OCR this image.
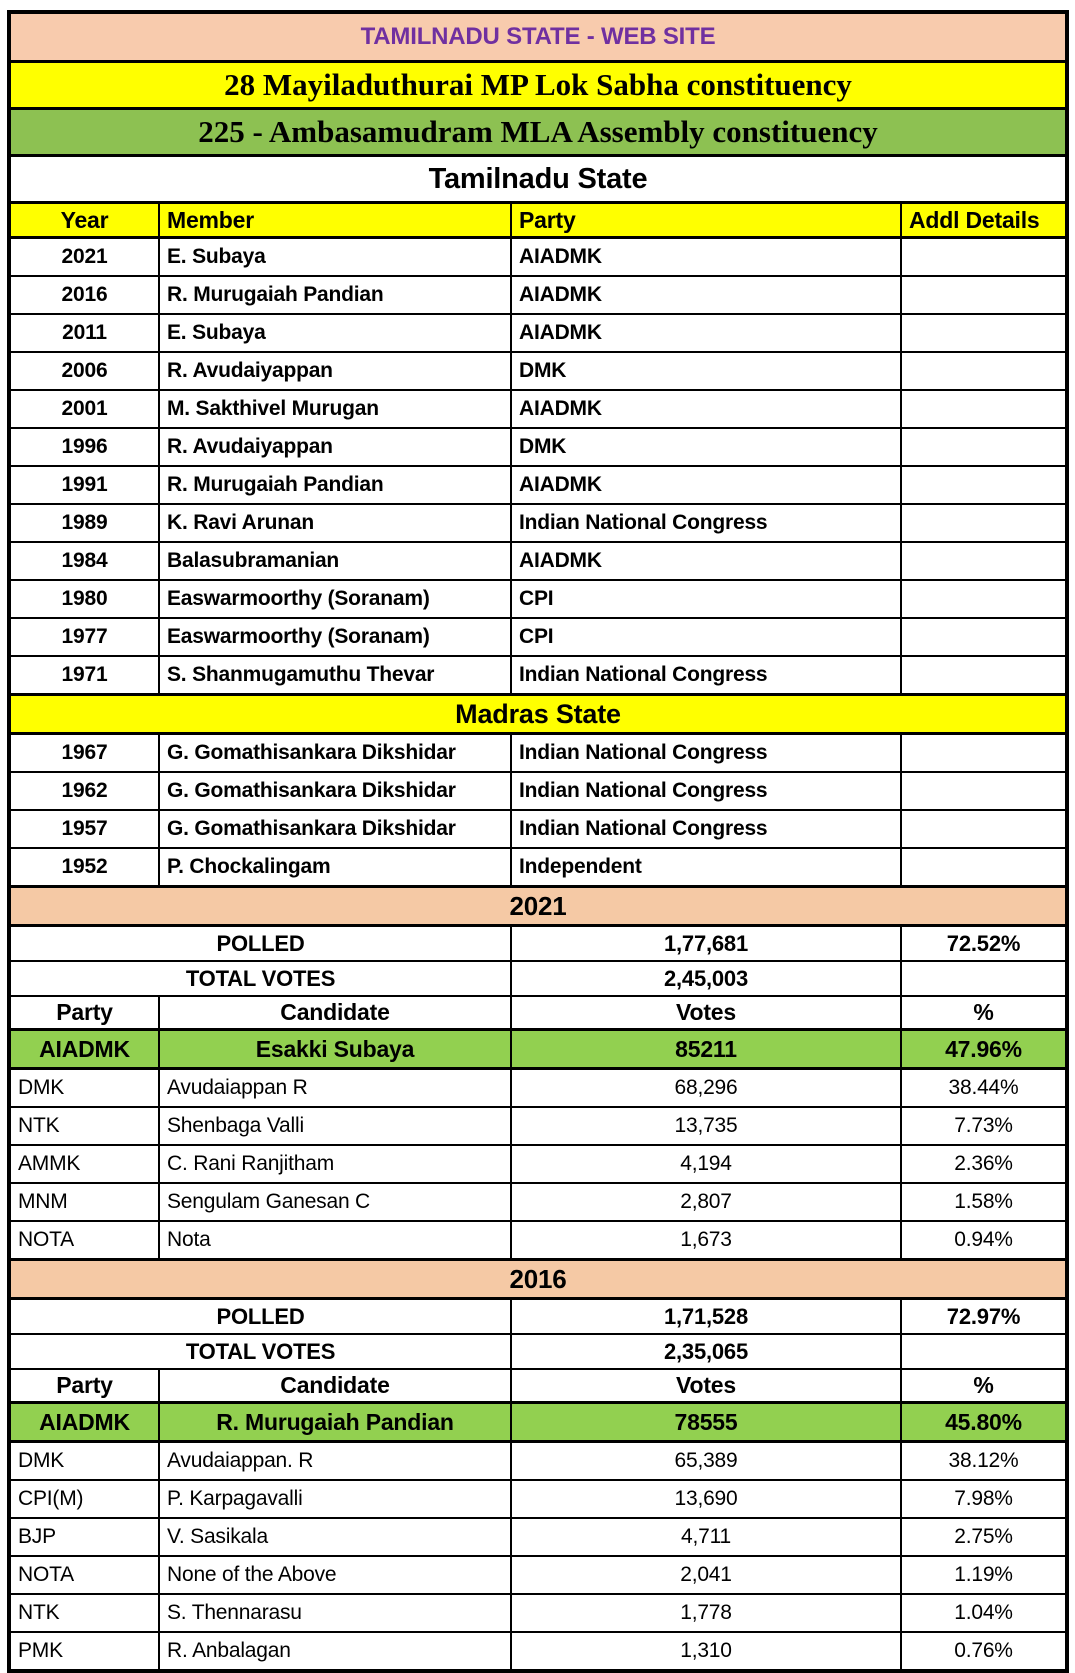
TAMILNADU STATE - WEB SITE			
28 Mayiladuthurai MP Lok Sabha constituency			
225 - Ambasamudram MLA Assembly constituency			
Tamilnadu State			
Year	Member	Party	Addl Details
2021	E. Subaya	AIADMK	
2016	R. Murugaiah Pandian	AIADMK	
2011	E. Subaya	AIADMK	
2006	R. Avudaiyappan	DMK	
2001	M. Sakthivel Murugan	AIADMK	
1996	R. Avudaiyappan	DMK	
1991	R. Murugaiah Pandian	AIADMK	
1989	K. Ravi Arunan	Indian National Congress	
1984	Balasubramanian	AIADMK	
1980	Easwarmoorthy (Soranam)	CPI	
1977	Easwarmoorthy (Soranam)	CPI	
1971	S. Shanmugamuthu Thevar	Indian National Congress	
Madras State			
1967	G. Gomathisankara Dikshidar	Indian National Congress	
1962	G. Gomathisankara Dikshidar	Indian National Congress	
1957	G. Gomathisankara Dikshidar	Indian National Congress	
1952	P. Chockalingam	Independent	
2021			
POLLED		1,77,681	72.52%
TOTAL VOTES		2,45,003	
Party	Candidate	Votes	%
AIADMK	Esakki Subaya	85211	47.96%
DMK	Avudaiappan R	68,296	38.44%
NTK	Shenbaga Valli	13,735	7.73%
AMMK	C. Rani Ranjitham	4,194	2.36%
MNM	Sengulam Ganesan C	2,807	1.58%
NOTA	Nota	1,673	0.94%
2016			
POLLED		1,71,528	72.97%
TOTAL VOTES		2,35,065	
Party	Candidate	Votes	%
AIADMK	R. Murugaiah Pandian	78555	45.80%
DMK	Avudaiappan. R	65,389	38.12%
CPI(M)	P. Karpagavalli	13,690	7.98%
BJP	V. Sasikala	4,711	2.75%
NOTA	None of the Above	2,041	1.19%
NTK	S. Thennarasu	1,778	1.04%
PMK	R. Anbalagan	1,310	0.76%
